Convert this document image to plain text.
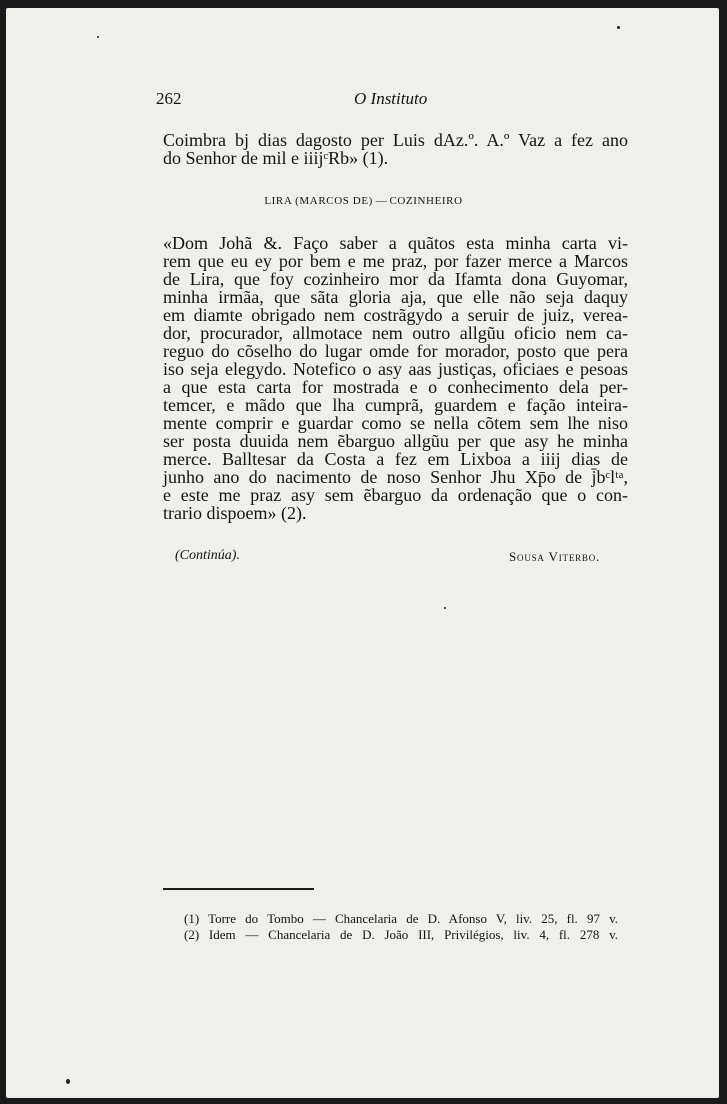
262	O Instituto
Coimbra bj dias dagosto per Luis dAz.º. A.º Vaz a fez ano
do Senhor de mil e iiijᶜRb» (1).
LIRA (MARCOS DE) — COZINHEIRO
«Dom Johã &. Faço saber a quãtos esta minha carta vi-
rem que eu ey por bem e me praz, por fazer merce a Marcos
de Lira, que foy cozinheiro mor da Ifamta dona Guyomar,
minha irmãa, que sãta gloria aja, que elle não seja daquy
em diamte obrigado nem costrãgydo a seruir de juiz, verea-
dor, procurador, allmotace nem outro allgũu oficio nem ca-
reguo do cõselho do lugar omde for morador, posto que pera
iso seja elegydo. Notefico o asy aas justiças, oficiaes e pesoas
a que esta carta for mostrada e o conhecimento dela per-
temcer, e mãdo que lha cumprã, guardem e fação inteira-
mente comprir e guardar como se nella cõtem sem lhe niso
ser posta duuida nem ẽbarguo allgũu per que asy he minha
merce. Balltesar da Costa a fez em Lixboa a iiij dias de
junho ano do nacimento de noso Senhor Jhu Xp̄o de j̄bᶜlᵗᵃ,
e este me praz asy sem ẽbarguo da ordenação que o con-
trario dispoem» (2).
(Continúa).	Sousa Viterbo.
(1) Torre do Tombo — Chancelaria de D. Afonso V, liv. 25, fl. 97 v.
(2) Idem — Chancelaria de D. João III, Privilégios, liv. 4, fl. 278 v.
